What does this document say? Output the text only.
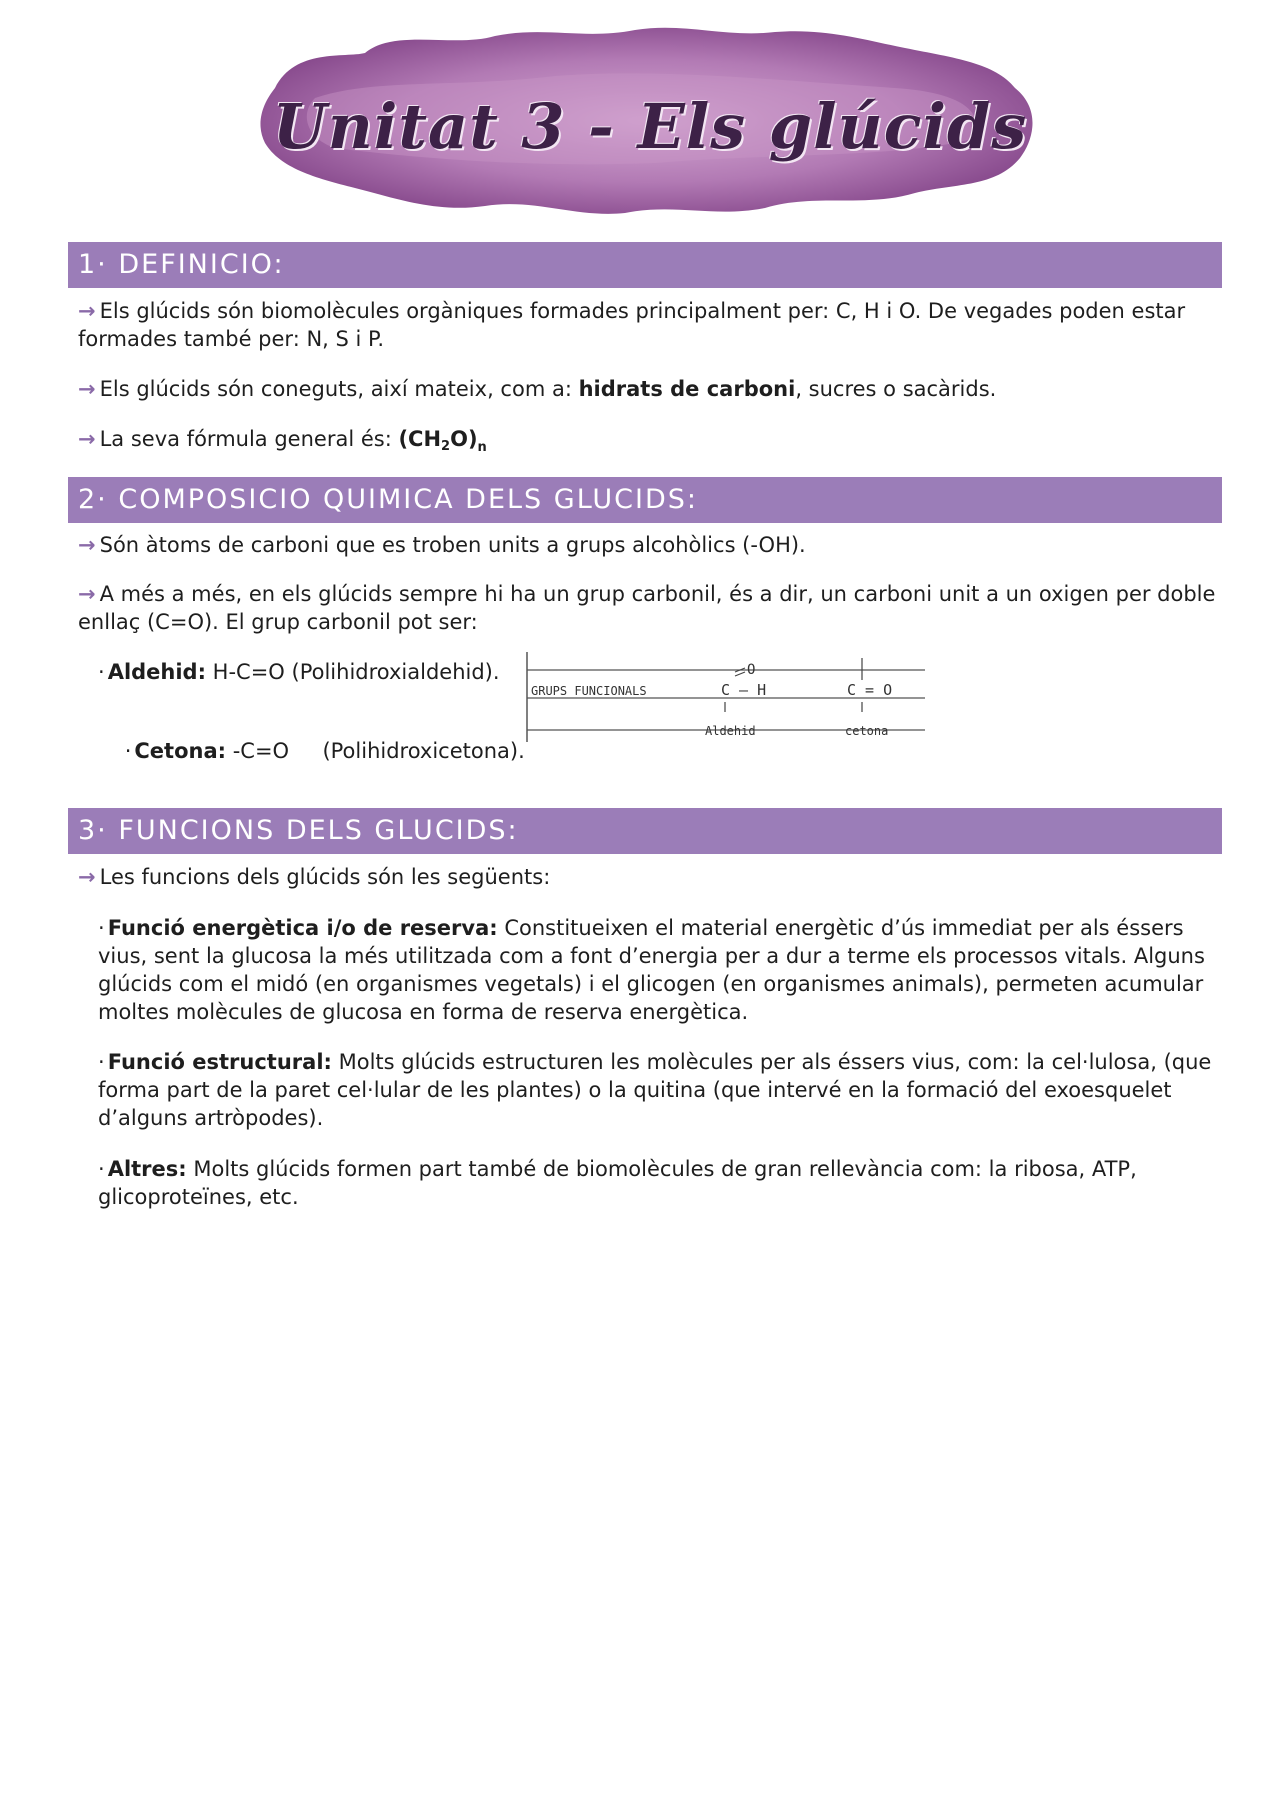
Unitat 3 - Els glúcids
1· DEFINICIO:
→ Els glúcids són biomolècules orgàniques formades principalment per: C, H i O. De vegades poden estar formades també per: N, S i P.
→ Els glúcids són coneguts, així mateix, com a: hidrats de carboni, sucres o sacàrids.
→ La seva fórmula general és: $(CH_2O)_n$
2· COMPOSICIO QUIMICA DELS GLUCIDS:
→ Són àtoms de carboni que es troben units a grups alcohòlics (-OH).
→ A més a més, en els glúcids sempre hi ha un grup carbonil, és a dir, un carboni unit a un oxigen per doble enllaç (C=O). El grup carbonil pot ser:
· Aldehid: H-C=O (Polihidroxialdehid).

· Cetona: -C=O     (Polihidroxicetona).

GRUPS FUNCIONALS
O
C – H
Aldehid
C = O
cetona
3· FUNCIONS DELS GLUCIDS:
→ Les funcions dels glúcids són les següents:
· Funció energètica i/o de reserva: Constitueixen el material energètic d’ús immediat per als éssers vius, sent la glucosa la més utilitzada com a font d’energia per a dur a terme els processos vitals. Alguns glúcids com el midó (en organismes vegetals) i el glicogen (en organismes animals), permeten acumular moltes molècules de glucosa en forma de reserva energètica.
· Funció estructural: Molts glúcids estructuren les molècules per als éssers vius, com: la cel·lulosa, (que forma part de la paret cel·lular de les plantes) o la quitina (que intervé en la formació del exoesquelet d’alguns artròpodes).
· Altres: Molts glúcids formen part també de biomolècules de gran rellevància com: la ribosa, ATP, glicoproteïnes, etc.
